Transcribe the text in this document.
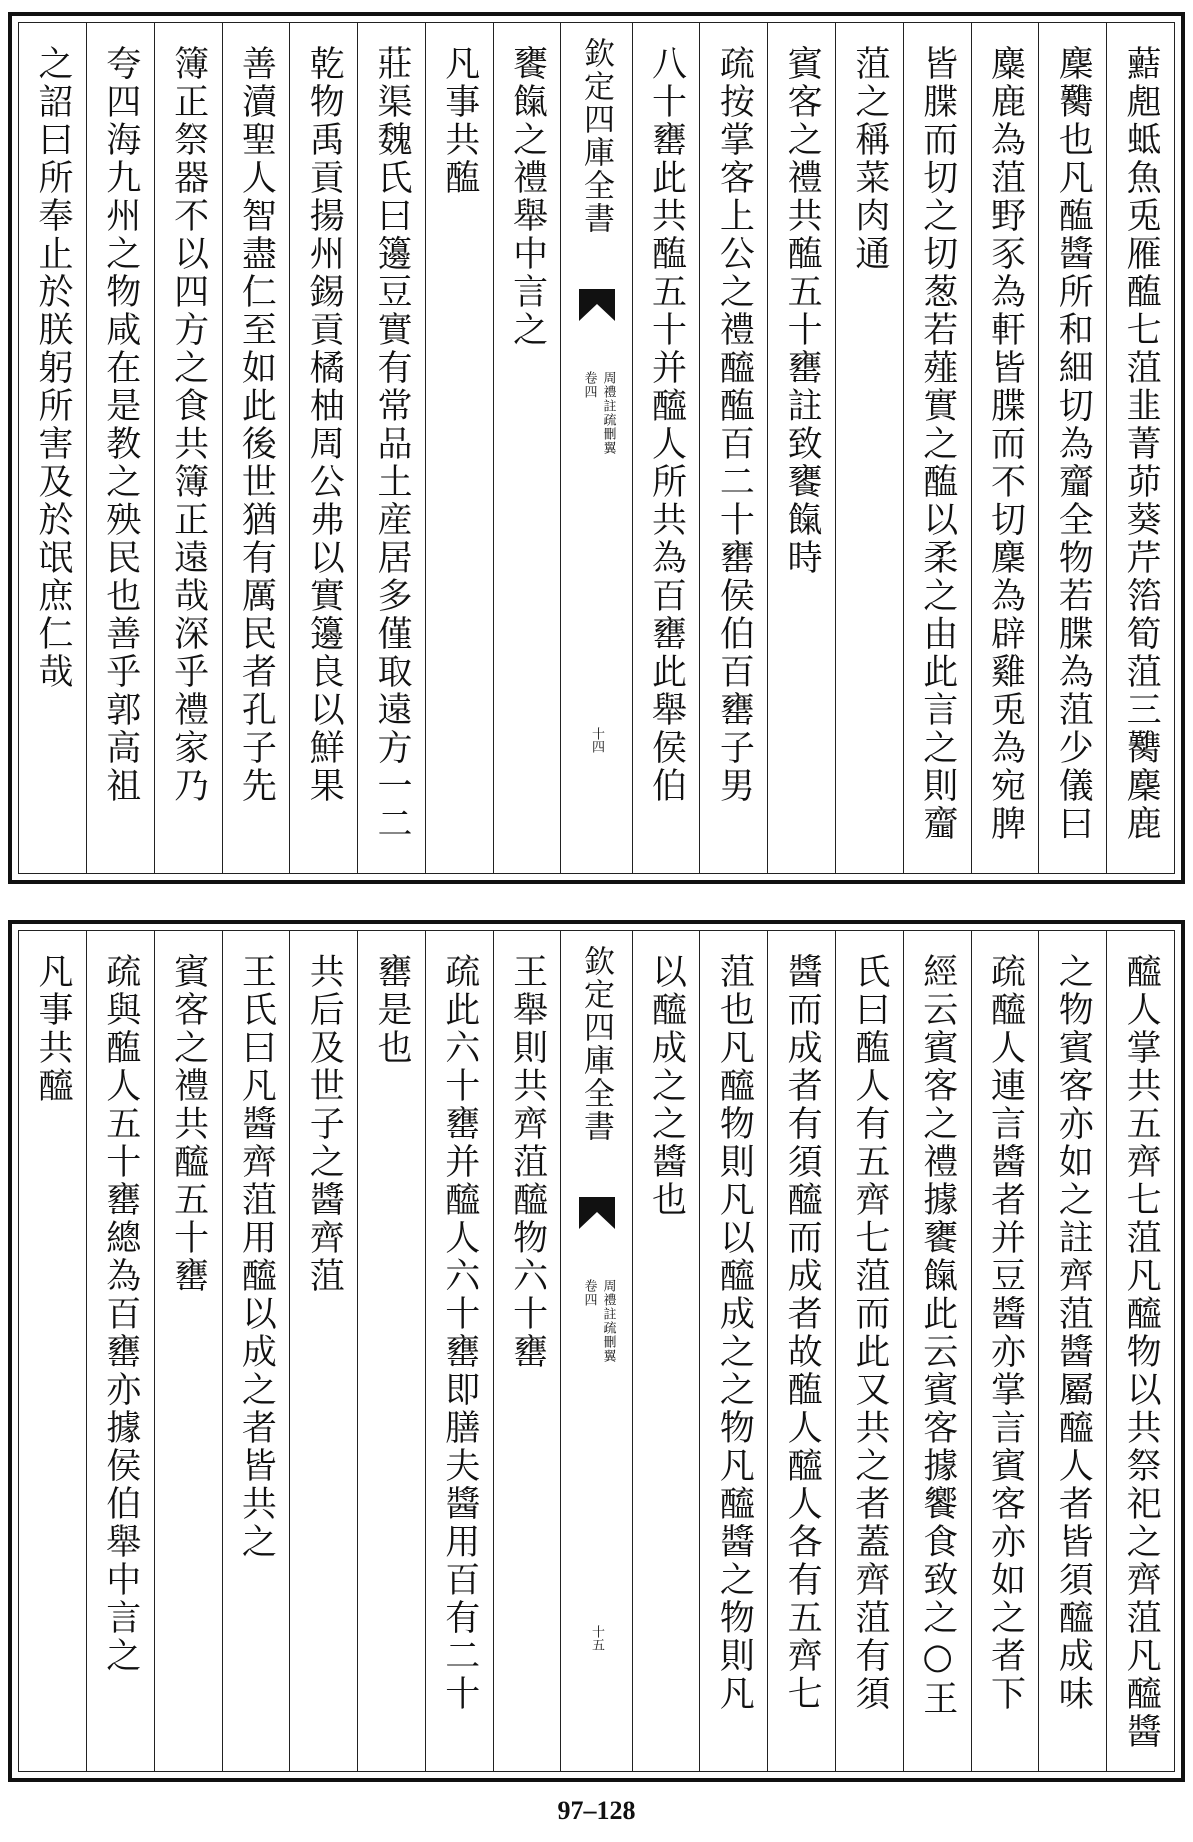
䕸䖑蚳魚兎雁醢七菹韭菁茆葵芹箈筍菹三臡麇鹿
麇臡也凡醢醬所和細切為齏全物若䐑為菹少儀曰
麋鹿為菹野豕為軒皆䐑而不切麇為辟雞兎為宛脾
皆䐑而切之切葱若薤實之醢以柔之由此言之則齏
菹之稱菜肉通
賓客之禮共醢五十罋註致饔餼時
疏按掌客上公之禮醯醢百二十罋侯伯百罋子男
八十罋此共醢五十并醯人所共為百罋此舉侯伯
欽定四庫全書
周禮註疏刪翼
卷四
十四
饔餼之禮舉中言之
凡事共醢
莊渠魏氏曰籩豆實有常品土産居多僅取遠方一二
乾物禹貢揚州錫貢橘柚周公弗以實籩良以鮮果
善瀆聖人智盡仁至如此後世猶有厲民者孔子先
簿正祭器不以四方之食共簿正遠哉深乎禮家乃
夸四海九州之物咸在是教之殃民也善乎郭高祖
之詔曰所奉止於朕躬所害及於氓庶仁哉
醯人掌共五齊七菹凡醯物以共祭祀之齊菹凡醯醬
之物賓客亦如之註齊菹醬屬醯人者皆須醯成味
疏醯人連言醬者并豆醬亦掌言賓客亦如之者下
經云賓客之禮據饔餼此云賓客據饗食致之○王
氏曰醢人有五齊七菹而此又共之者蓋齊菹有須
醬而成者有須醯而成者故醢人醯人各有五齊七
菹也凡醯物則凡以醯成之之物凡醯醬之物則凡
以醯成之之醬也
欽定四庫全書
周禮註疏刪翼
卷四
十五
王舉則共齊菹醯物六十罋
疏此六十罋并醯人六十罋即膳夫醬用百有二十
罋是也
共后及世子之醬齊菹
王氏曰凡醬齊菹用醯以成之者皆共之
賓客之禮共醯五十罋
疏與醢人五十罋總為百罋亦據侯伯舉中言之
凡事共醯
97–128
